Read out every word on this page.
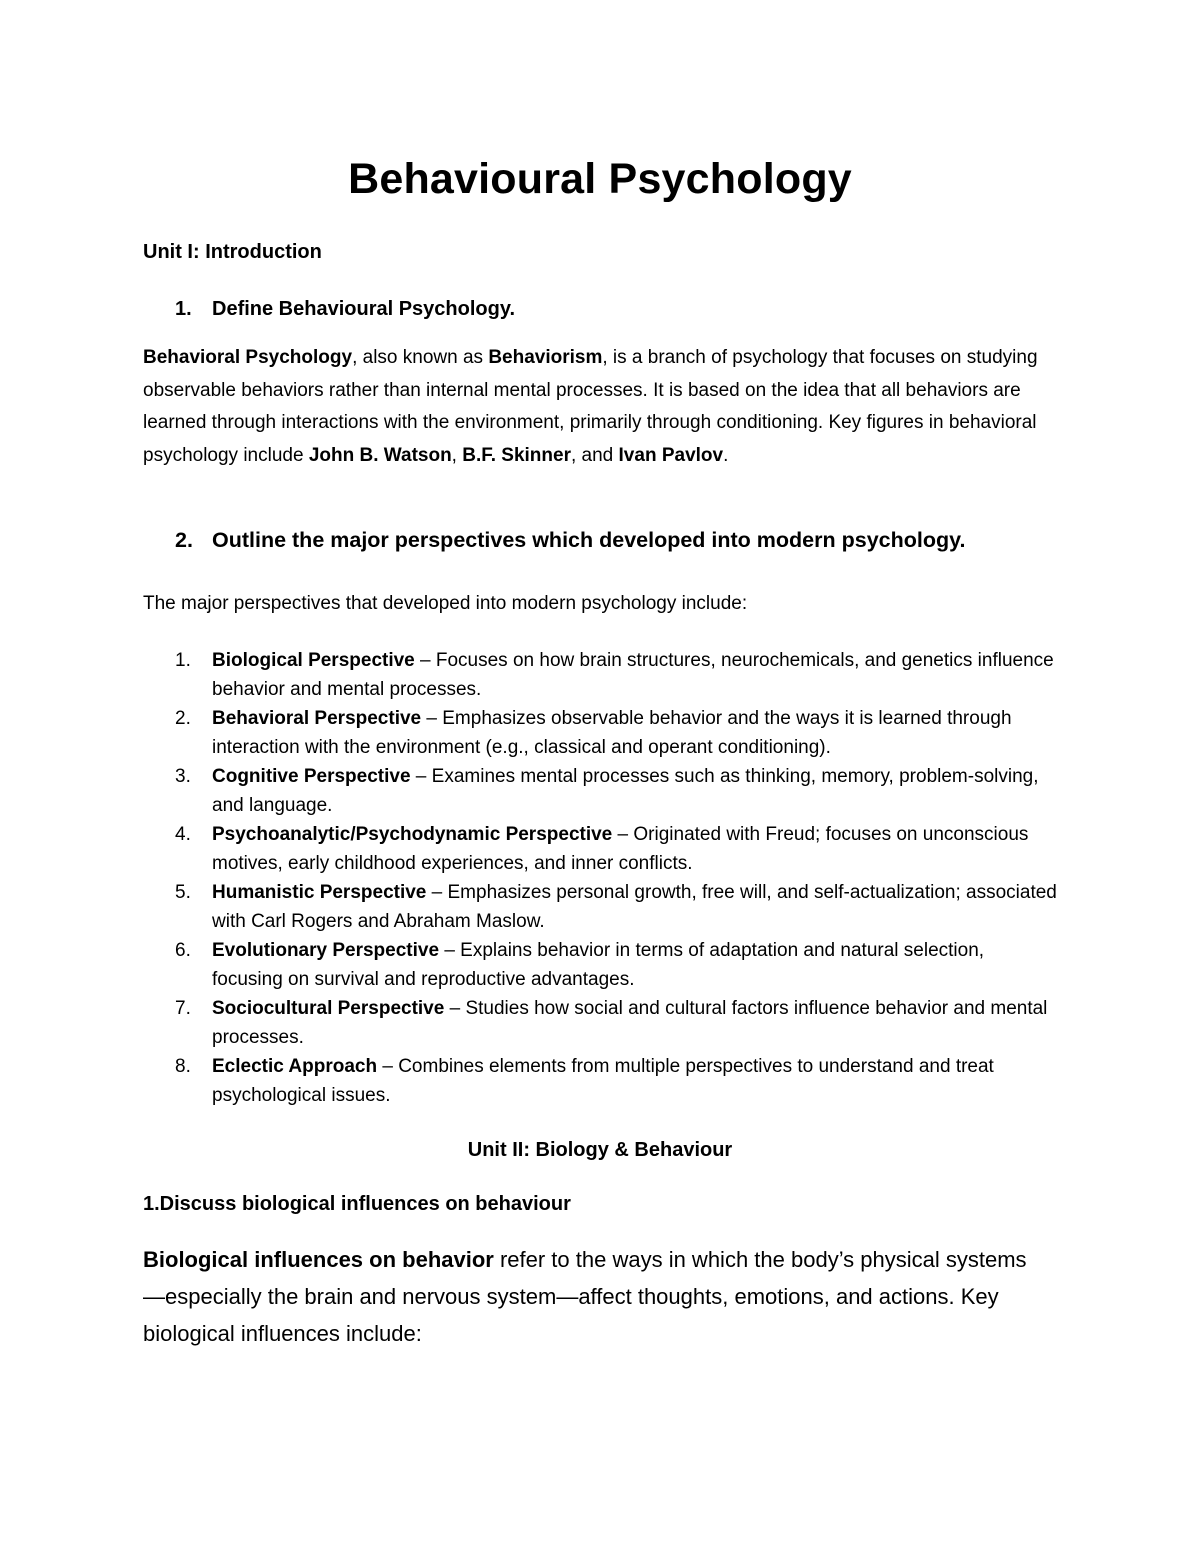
Behavioural Psychology
Unit I: Introduction
1. Define Behavioural Psychology.
Behavioral Psychology, also known as Behaviorism, is a branch of psychology that focuses on studying observable behaviors rather than internal mental processes. It is based on the idea that all behaviors are learned through interactions with the environment, primarily through conditioning. Key figures in behavioral psychology include John B. Watson, B.F. Skinner, and Ivan Pavlov.
2. Outline the major perspectives which developed into modern psychology.
The major perspectives that developed into modern psychology include:
1. Biological Perspective – Focuses on how brain structures, neurochemicals, and genetics influence behavior and mental processes.
2. Behavioral Perspective – Emphasizes observable behavior and the ways it is learned through interaction with the environment (e.g., classical and operant conditioning).
3. Cognitive Perspective – Examines mental processes such as thinking, memory, problem-solving, and language.
4. Psychoanalytic/Psychodynamic Perspective – Originated with Freud; focuses on unconscious motives, early childhood experiences, and inner conflicts.
5. Humanistic Perspective – Emphasizes personal growth, free will, and self-actualization; associated with Carl Rogers and Abraham Maslow.
6. Evolutionary Perspective – Explains behavior in terms of adaptation and natural selection, focusing on survival and reproductive advantages.
7. Sociocultural Perspective – Studies how social and cultural factors influence behavior and mental processes.
8. Eclectic Approach – Combines elements from multiple perspectives to understand and treat psychological issues.
Unit II: Biology & Behaviour
1.Discuss biological influences on behaviour
Biological influences on behavior refer to the ways in which the body’s physical systems—especially the brain and nervous system—affect thoughts, emotions, and actions. Key biological influences include:
